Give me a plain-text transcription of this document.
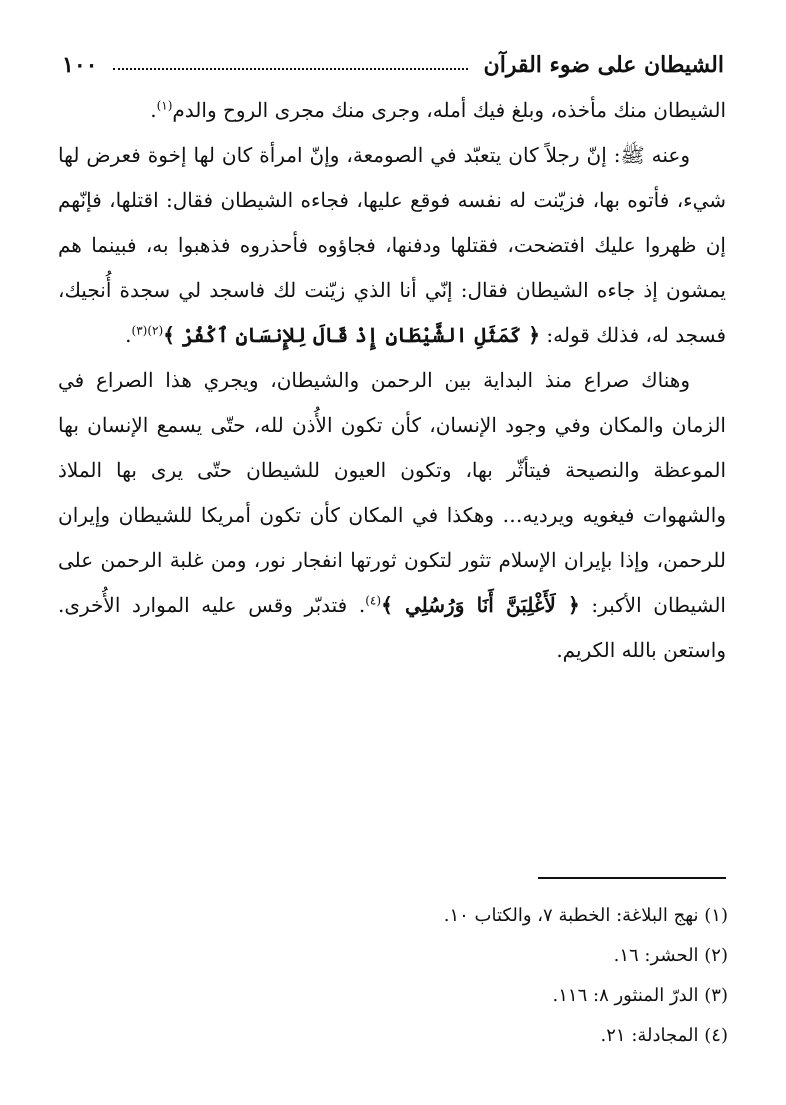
الشيطان على ضوء القرآن
١٠٠

الشيطان منك مأخذه، وبلغ فيك أمله، وجرى منك مجرى الروح والدم$^{(١)}$.

وعنه ﷺ: إنّ رجلاً كان يتعبّد في الصومعة، وإنّ امرأة كان لها إخوة فعرض لها شيء، فأتوه بها، فزيّنت له نفسه فوقع عليها، فجاءه الشيطان فقال: اقتلها، فإنّهم إن ظهروا عليك افتضحت، فقتلها ودفنها، فجاؤوه فأحذروه فذهبوا به، فبينما هم يمشون إذ جاءه الشيطان فقال: إنّي أنا الذي زيّنت لك فاسجد لي سجدة أُنجيك، فسجد له، فذلك قوله: ﴿ كَمَثَلِ الشَّيْطَانِ إِذْ قَالَ لِلإِنسَانِ ٱكْفُرْ ﴾$^{(٢)(٣)}$.

وهناك صراع منذ البداية بين الرحمن والشيطان، ويجري هذا الصراع في الزمان والمكان وفي وجود الإنسان، كأن تكون الأُذن لله، حتّى يسمع الإنسان بها الموعظة والنصيحة فيتأثّر بها، وتكون العيون للشيطان حتّى يرى بها الملاذ والشهوات فيغويه ويرديه… وهكذا في المكان كأن تكون أمريكا للشيطان وإيران للرحمن، وإذا بإيران الإسلام تثور لتكون ثورتها انفجار نور، ومن غلبة الرحمن على الشيطان الأكبر: ﴿ لَأَغْلِبَنَّ أَنَا وَرُسُلِي ﴾$^{(٤)}$. فتدبّر وقس عليه الموارد الأُخرى. واستعن بالله الكريم.

(١) نهج البلاغة: الخطبة ٧، والكتاب ١٠.

(٢) الحشر: ١٦.

(٣) الدرّ المنثور ٨: ١١٦.

(٤) المجادلة: ٢١.
